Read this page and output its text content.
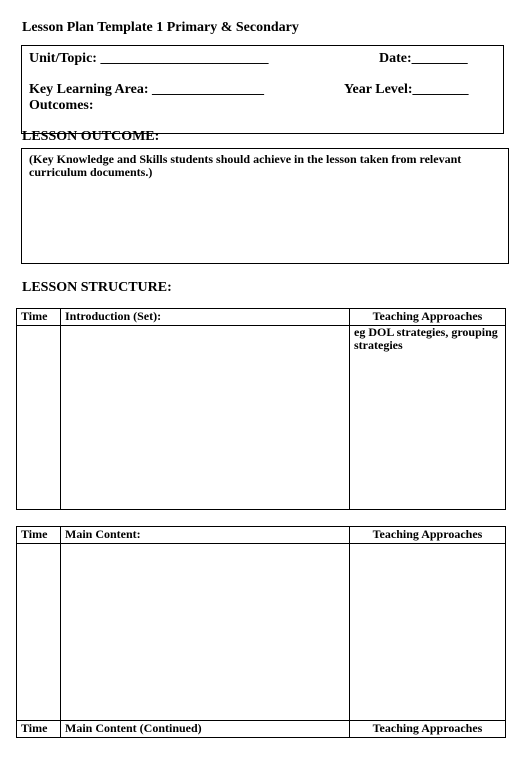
Lesson Plan Template 1 Primary & Secondary
Unit/Topic: ________________________	Date:________
Key Learning Area: ________________	Year Level:________
Outcomes:
LESSON OUTCOME:
(Key Knowledge and Skills students should achieve in the lesson taken from relevant curriculum documents.)
LESSON STRUCTURE:
Time	Introduction (Set):	Teaching Approaches
		eg DOL strategies, grouping strategies
Time	Main Content:	Teaching Approaches

Time	Main Content (Continued)	Teaching Approaches
